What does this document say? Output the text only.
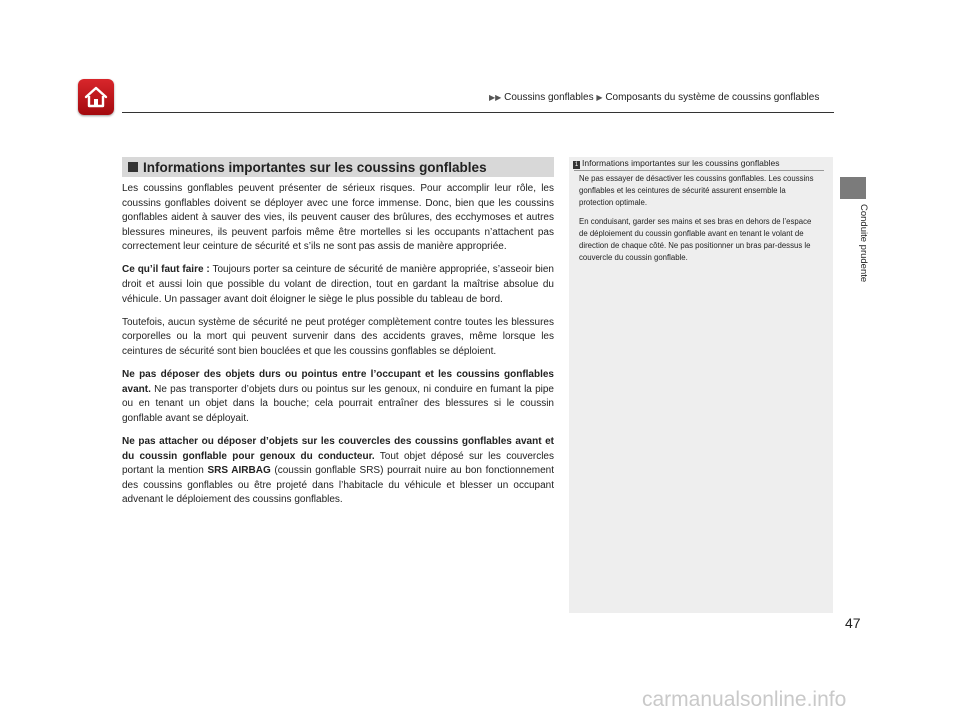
▶▶ Coussins gonflables ▶ Composants du système de coussins gonflables
Informations importantes sur les coussins gonflables

Les coussins gonflables peuvent présenter de sérieux risques. Pour accomplir leur rôle, les coussins gonflables doivent se déployer avec une force immense. Donc, bien que les coussins gonflables aident à sauver des vies, ils peuvent causer des brûlures, des ecchymoses et autres blessures mineures, ils peuvent parfois même être mortelles si les occupants n’attachent pas correctement leur ceinture de sécurité et s’ils ne sont pas assis de manière appropriée.

Ce qu’il faut faire : Toujours porter sa ceinture de sécurité de manière appropriée, s’asseoir bien droit et aussi loin que possible du volant de direction, tout en gardant la maîtrise absolue du véhicule. Un passager avant doit éloigner le siège le plus possible du tableau de bord.

Toutefois, aucun système de sécurité ne peut protéger complètement contre toutes les blessures corporelles ou la mort qui peuvent survenir dans des accidents graves, même lorsque les ceintures de sécurité sont bien bouclées et que les coussins gonflables se déploient.

Ne pas déposer des objets durs ou pointus entre l’occupant et les coussins gonflables avant. Ne pas transporter d’objets durs ou pointus sur les genoux, ni conduire en fumant la pipe ou en tenant un objet dans la bouche; cela pourrait entraîner des blessures si le coussin gonflable avant se déployait.

Ne pas attacher ou déposer d’objets sur les couvercles des coussins gonflables avant et du coussin gonflable pour genoux du conducteur. Tout objet déposé sur les couvercles portant la mention SRS AIRBAG (coussin gonflable SRS) pourrait nuire au bon fonctionnement des coussins gonflables ou être projeté dans l’habitacle du véhicule et blesser un occupant advenant le déploiement des coussins gonflables.

1 Informations importantes sur les coussins gonflables

Ne pas essayer de désactiver les coussins gonflables. Les coussins gonflables et les ceintures de sécurité assurent ensemble la protection optimale.

En conduisant, garder ses mains et ses bras en dehors de l’espace de déploiement du coussin gonflable avant en tenant le volant de direction de chaque côté. Ne pas positionner un bras par-dessus le couvercle du coussin gonflable.	Conduite prudente
47
carmanualsonline.info
